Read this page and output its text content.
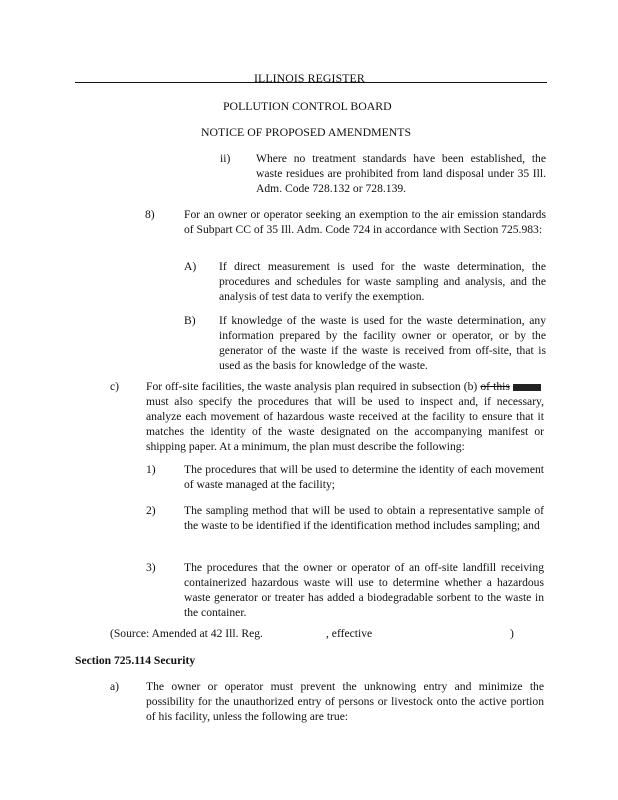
ILLINOIS REGISTER
POLLUTION CONTROL BOARD
NOTICE OF PROPOSED AMENDMENTS
ii) Where no treatment standards have been established, the waste residues are prohibited from land disposal under 35 Ill. Adm. Code 728.132 or 728.139.
8)	For an owner or operator seeking an exemption to the air emission standards of Subpart CC of 35 Ill. Adm. Code 724 in accordance with Section 725.983:
A) If direct measurement is used for the waste determination, the procedures and schedules for waste sampling and analysis, and the analysis of test data to verify the exemption.
B) If knowledge of the waste is used for the waste determination, any information prepared by the facility owner or operator, or by the generator of the waste if the waste is received from off-site, that is used as the basis for knowledge of the waste.
c) For off-site facilities, the waste analysis plan required in subsection (b) of this must also specify the procedures that will be used to inspect and, if necessary, analyze each movement of hazardous waste received at the facility to ensure that it matches the identity of the waste designated on the accompanying manifest or shipping paper. At a minimum, the plan must describe the following:
1) The procedures that will be used to determine the identity of each movement of waste managed at the facility;
2) The sampling method that will be used to obtain a representative sample of the waste to be identified if the identification method includes sampling; and
3) The procedures that the owner or operator of an off-site landfill receiving containerized hazardous waste will use to determine whether a hazardous waste generator or treater has added a biodegradable sorbent to the waste in the container.
(Source: Amended at 42 Ill. Reg.	, effective	)
Section 725.114 Security
a) The owner or operator must prevent the unknowing entry and minimize the possibility for the unauthorized entry of persons or livestock onto the active portion of his facility, unless the following are true:
